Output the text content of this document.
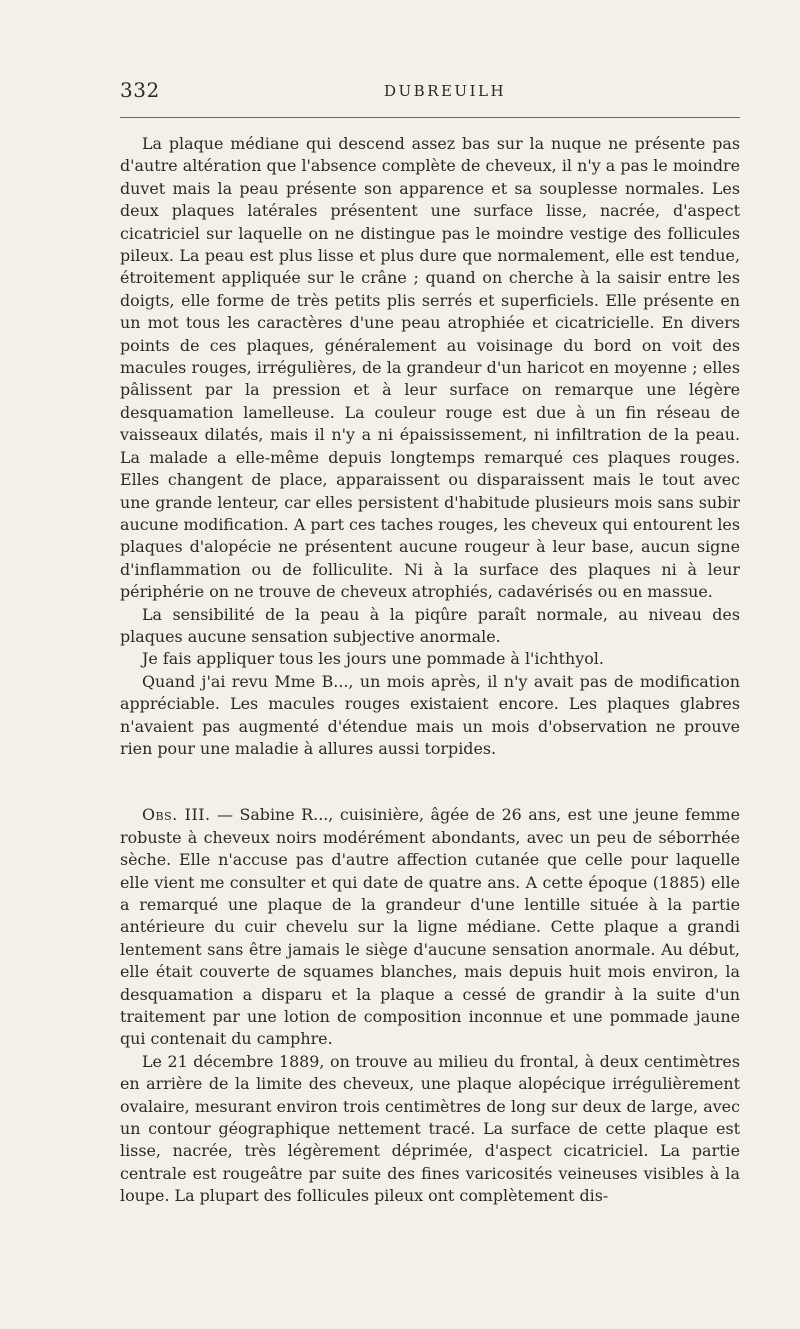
332	DUBREUILH

La plaque médiane qui descend assez bas sur la nuque ne présente pas d'autre altération que l'absence complète de cheveux, il n'y a pas le moindre duvet mais la peau présente son apparence et sa souplesse normales. Les deux plaques latérales présentent une surface lisse, nacrée, d'aspect cicatriciel sur laquelle on ne distingue pas le moindre vestige des follicules pileux. La peau est plus lisse et plus dure que normalement, elle est tendue, étroitement appliquée sur le crâne ; quand on cherche à la saisir entre les doigts, elle forme de très petits plis serrés et superficiels. Elle présente en un mot tous les caractères d'une peau atrophiée et cicatricielle. En divers points de ces plaques, généralement au voisinage du bord on voit des macules rouges, irrégulières, de la grandeur d'un haricot en moyenne ; elles pâlissent par la pression et à leur surface on remarque une légère desquamation lamelleuse. La couleur rouge est due à un fin réseau de vaisseaux dilatés, mais il n'y a ni épaississement, ni infiltration de la peau. La malade a elle-même depuis longtemps remarqué ces plaques rouges. Elles changent de place, apparaissent ou disparaissent mais le tout avec une grande lenteur, car elles persistent d'habitude plusieurs mois sans subir aucune modification. A part ces taches rouges, les cheveux qui entourent les plaques d'alopécie ne présentent aucune rougeur à leur base, aucun signe d'inflammation ou de folliculite. Ni à la surface des plaques ni à leur périphérie on ne trouve de cheveux atrophiés, cadavérisés ou en massue.

La sensibilité de la peau à la piqûre paraît normale, au niveau des plaques aucune sensation subjective anormale.

Je fais appliquer tous les jours une pommade à l'ichthyol.

Quand j'ai revu Mme B..., un mois après, il n'y avait pas de modification appréciable. Les macules rouges existaient encore. Les plaques glabres n'avaient pas augmenté d'étendue mais un mois d'observation ne prouve rien pour une maladie à allures aussi torpides.

Obs. III. — Sabine R..., cuisinière, âgée de 26 ans, est une jeune femme robuste à cheveux noirs modérément abondants, avec un peu de séborrhée sèche. Elle n'accuse pas d'autre affection cutanée que celle pour laquelle elle vient me consulter et qui date de quatre ans. A cette époque (1885) elle a remarqué une plaque de la grandeur d'une lentille située à la partie antérieure du cuir chevelu sur la ligne médiane. Cette plaque a grandi lentement sans être jamais le siège d'aucune sensation anormale. Au début, elle était couverte de squames blanches, mais depuis huit mois environ, la desquamation a disparu et la plaque a cessé de grandir à la suite d'un traitement par une lotion de composition inconnue et une pommade jaune qui contenait du camphre.

Le 21 décembre 1889, on trouve au milieu du frontal, à deux centimètres en arrière de la limite des cheveux, une plaque alopécique irrégulièrement ovalaire, mesurant environ trois centimètres de long sur deux de large, avec un contour géographique nettement tracé. La surface de cette plaque est lisse, nacrée, très légèrement déprimée, d'aspect cicatriciel. La partie centrale est rougeâtre par suite des fines varicosités veineuses visibles à la loupe. La plupart des follicules pileux ont complètement dis-
